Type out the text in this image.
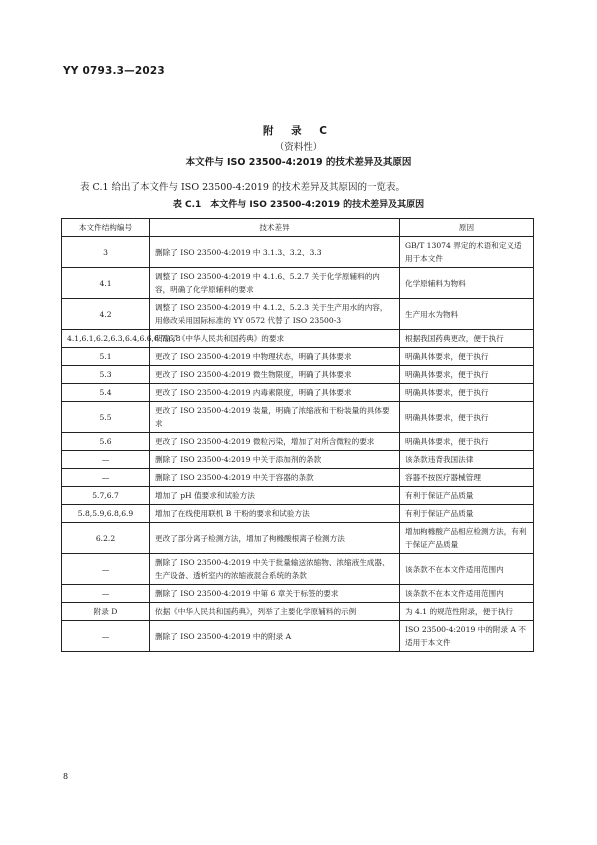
YY 0793.3—2023
附 录 C
（资料性）
本文件与 ISO 23500-4:2019 的技术差异及其原因
表 C.1 给出了本文件与 ISO 23500-4:2019 的技术差异及其原因的一览表。
表 C.1　本文件与 ISO 23500-4:2019 的技术差异及其原因
本文件结构编号	技术差异	原因
3	删除了 ISO 23500-4:2019 中 3.1.3、3.2、3.3	GB/T 13074 界定的术语和定义适用于本文件
4.1	调整了 ISO 23500-4:2019 中 4.1.6、5.2.7 关于化学原辅料的内容，明确了化学原辅料的要求	化学原辅料为物料
4.2	调整了 ISO 23500-4:2019 中 4.1.2、5.2.3 关于生产用水的内容，用修改采用国际标准的 YY 0572 代替了 ISO 23500-3	生产用水为物料
4.1,6.1,6.2,6.3,6.4,6.6,6.7,6.8	明确了《中华人民共和国药典》的要求	根据我国药典更改，便于执行
5.1	更改了 ISO 23500-4:2019 中物理状态，明确了具体要求	明确具体要求，便于执行
5.3	更改了 ISO 23500-4:2019 微生物限度，明确了具体要求	明确具体要求，便于执行
5.4	更改了 ISO 23500-4:2019 内毒素限度，明确了具体要求	明确具体要求，便于执行
5.5	更改了 ISO 23500-4:2019 装量，明确了浓缩液和干粉装量的具体要求	明确具体要求，便于执行
5.6	更改了 ISO 23500-4:2019 微粒污染，增加了对所含微粒的要求	明确具体要求，便于执行
—	删除了 ISO 23500-4:2019 中关于添加剂的条款	该条款违背我国法律
—	删除了 ISO 23500-4:2019 中关于容器的条款	容器不按医疗器械管理
5.7,6.7	增加了 pH 值要求和试验方法	有利于保证产品质量
5.8,5.9,6.8,6.9	增加了在线使用联机 B 干粉的要求和试验方法	有利于保证产品质量
6.2.2	更改了部分离子检测方法，增加了枸橼酸根离子检测方法	增加枸橼酸产品相应检测方法，有利于保证产品质量
—	删除了 ISO 23500-4:2019 中关于批量输送浓缩物、浓缩液生成器、生产设备、透析室内的浓缩液混合系统的条款	该条款不在本文件适用范围内
—	删除了 ISO 23500-4:2019 中第 6 章关于标签的要求	该条款不在本文件适用范围内
附录 D	依据《中华人民共和国药典》，列举了主要化学原辅料的示例	为 4.1 的规范性附录，便于执行
—	删除了 ISO 23500-4:2019 中的附录 A	ISO 23500-4:2019 中的附录 A 不适用于本文件
8
